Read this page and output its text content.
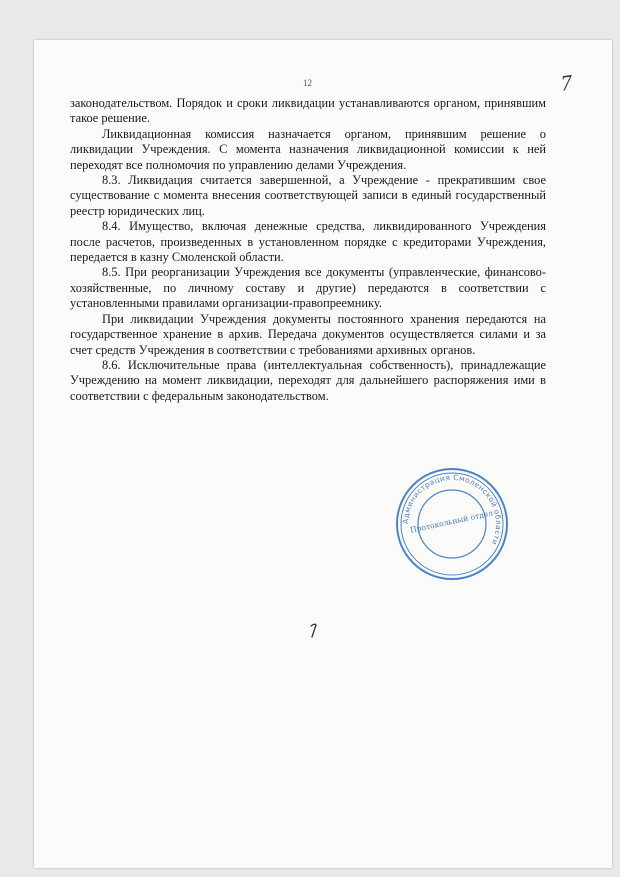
12	7

законодательством. Порядок и сроки ликвидации устанавливаются органом, принявшим такое решение.

Ликвидационная комиссия назначается органом, принявшим решение о ликвидации Учреждения. С момента назначения ликвидационной комиссии к ней переходят все полномочия по управлению делами Учреждения.

8.3. Ликвидация считается завершенной, а Учреждение - прекратившим свое существование с момента внесения соответствующей записи в единый государственный реестр юридических лиц.

8.4. Имущество, включая денежные средства, ликвидированного Учреждения после расчетов, произведенных в установленном порядке с кредиторами Учреждения, передается в казну Смоленской области.

8.5. При реорганизации Учреждения все документы (управленческие, финансово-хозяйственные, по личному составу и другие) передаются в соответствии с установленными правилами организации-правопреемнику.

При ликвидации Учреждения документы постоянного хранения передаются на государственное хранение в архив. Передача документов осуществляется силами и за счет средств Учреждения в соответствии с требованиями архивных органов.

8.6. Исключительные права (интеллектуальная собственность), принадлежащие Учреждению на момент ликвидации, переходят для дальнейшего распоряжения ими в соответствии с федеральным законодательством.

Администрация Смоленской области
Протокольный отдел
